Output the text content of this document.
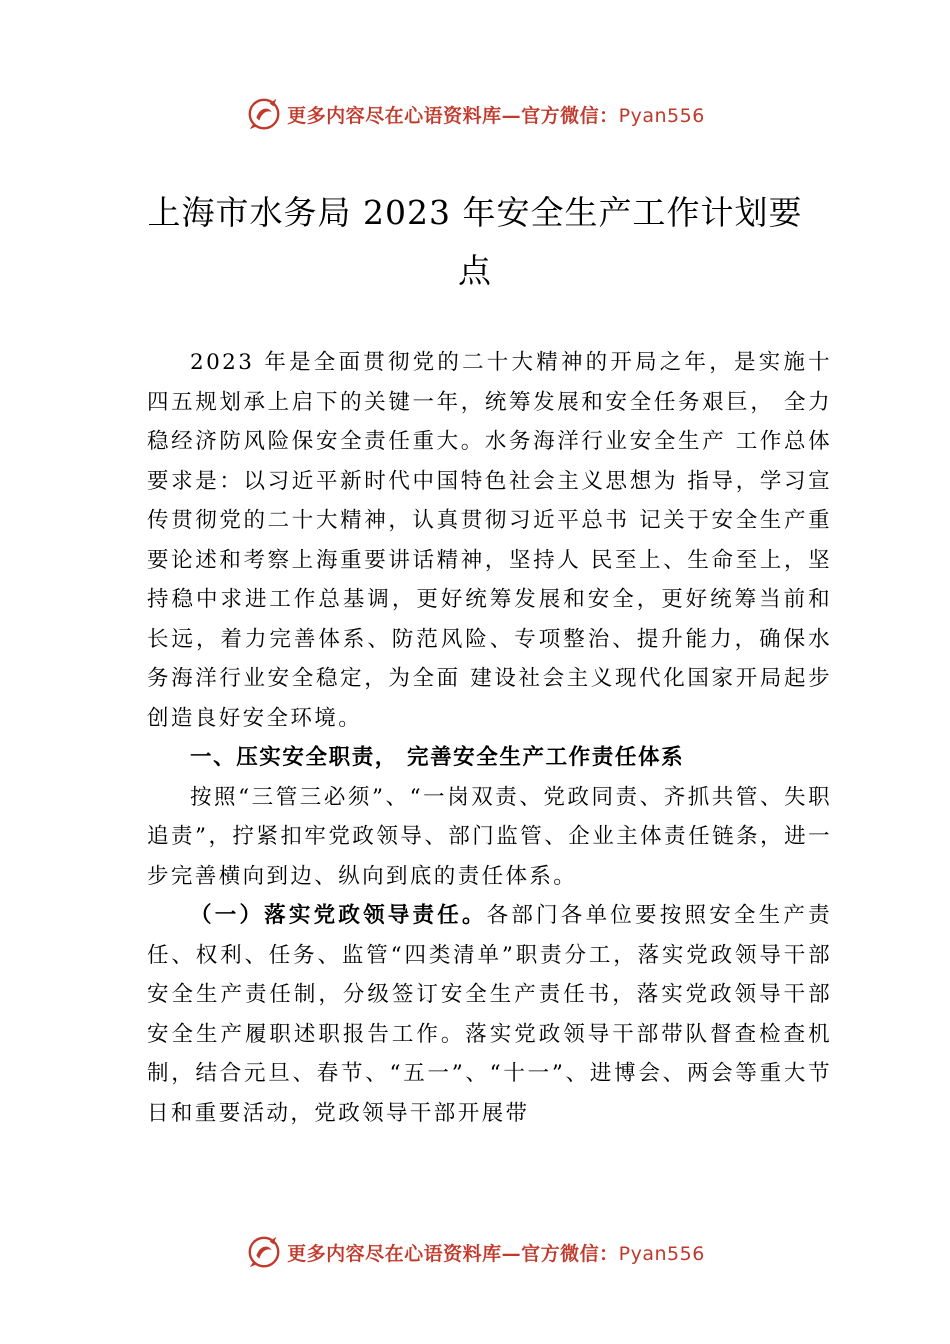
更多内容尽在心语资料库—官方微信：Pyan556
上海市水务局 2023 年安全生产工作计划要点

2023 年是全面贯彻党的二十大精神的开局之年，是实施十四五规划承上启下的关键一年，统筹发展和安全任务艰巨， 全力稳经济防风险保安全责任重大。水务海洋行业安全生产 工作总体要求是：以习近平新时代中国特色社会主义思想为 指导，学习宣传贯彻党的二十大精神，认真贯彻习近平总书 记关于安全生产重要论述和考察上海重要讲话精神，坚持人 民至上、生命至上，坚持稳中求进工作总基调，更好统筹发展和安全，更好统筹当前和长远，着力完善体系、防范风险、专项整治、提升能力，确保水务海洋行业安全稳定，为全面 建设社会主义现代化国家开局起步创造良好安全环境。

一、压实安全职责， 完善安全生产工作责任体系

按照“三管三必须”、“一岗双责、党政同责、齐抓共管、失职追责”，拧紧扣牢党政领导、部门监管、企业主体责任链条，进一步完善横向到边、纵向到底的责任体系。

（一）落实党政领导责任。各部门各单位要按照安全生产责任、权利、任务、监管“四类清单”职责分工，落实党政领导干部安全生产责任制，分级签订安全生产责任书，落实党政领导干部安全生产履职述职报告工作。落实党政领导干部带队督查检查机制，结合元旦、春节、“五一”、“十一”、进博会、两会等重大节日和重要活动，党政领导干部开展带

更多内容尽在心语资料库—官方微信：Pyan556
